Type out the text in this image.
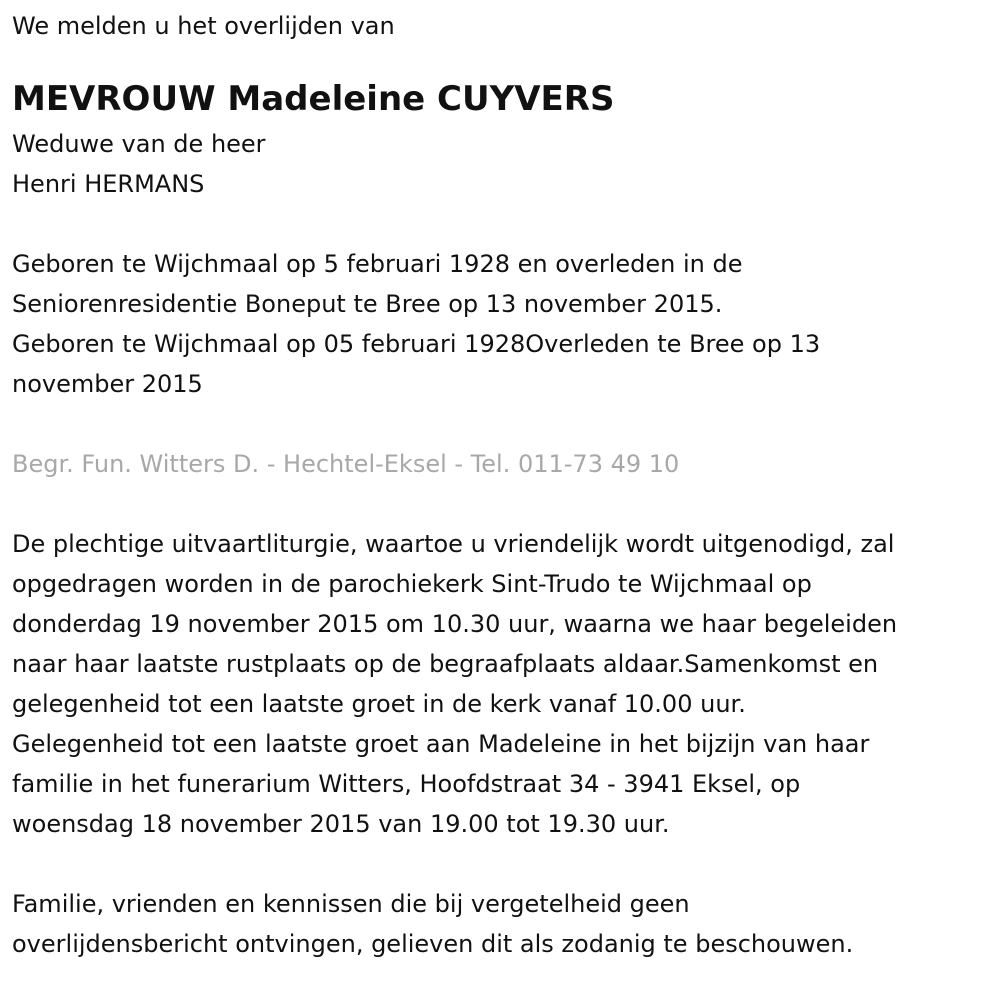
We melden u het overlijden van

MEVROUW Madeleine CUYVERS

Weduwe van de heer

Henri HERMANS

Geboren te Wijchmaal op 5 februari 1928 en overleden in de

Seniorenresidentie Boneput te Bree op 13 november 2015.

Geboren te Wijchmaal op 05 februari 1928Overleden te Bree op 13

november 2015

Begr. Fun. Witters D. - Hechtel-Eksel - Tel. 011-73 49 10

De plechtige uitvaartliturgie, waartoe u vriendelijk wordt uitgenodigd, zal

opgedragen worden in de parochiekerk Sint-Trudo te Wijchmaal op

donderdag 19 november 2015 om 10.30 uur, waarna we haar begeleiden

naar haar laatste rustplaats op de begraafplaats aldaar.Samenkomst en

gelegenheid tot een laatste groet in de kerk vanaf 10.00 uur.

Gelegenheid tot een laatste groet aan Madeleine in het bijzijn van haar

familie in het funerarium Witters, Hoofdstraat 34 - 3941 Eksel, op

woensdag 18 november 2015 van 19.00 tot 19.30 uur.

Familie, vrienden en kennissen die bij vergetelheid geen

overlijdensbericht ontvingen, gelieven dit als zodanig te beschouwen.
